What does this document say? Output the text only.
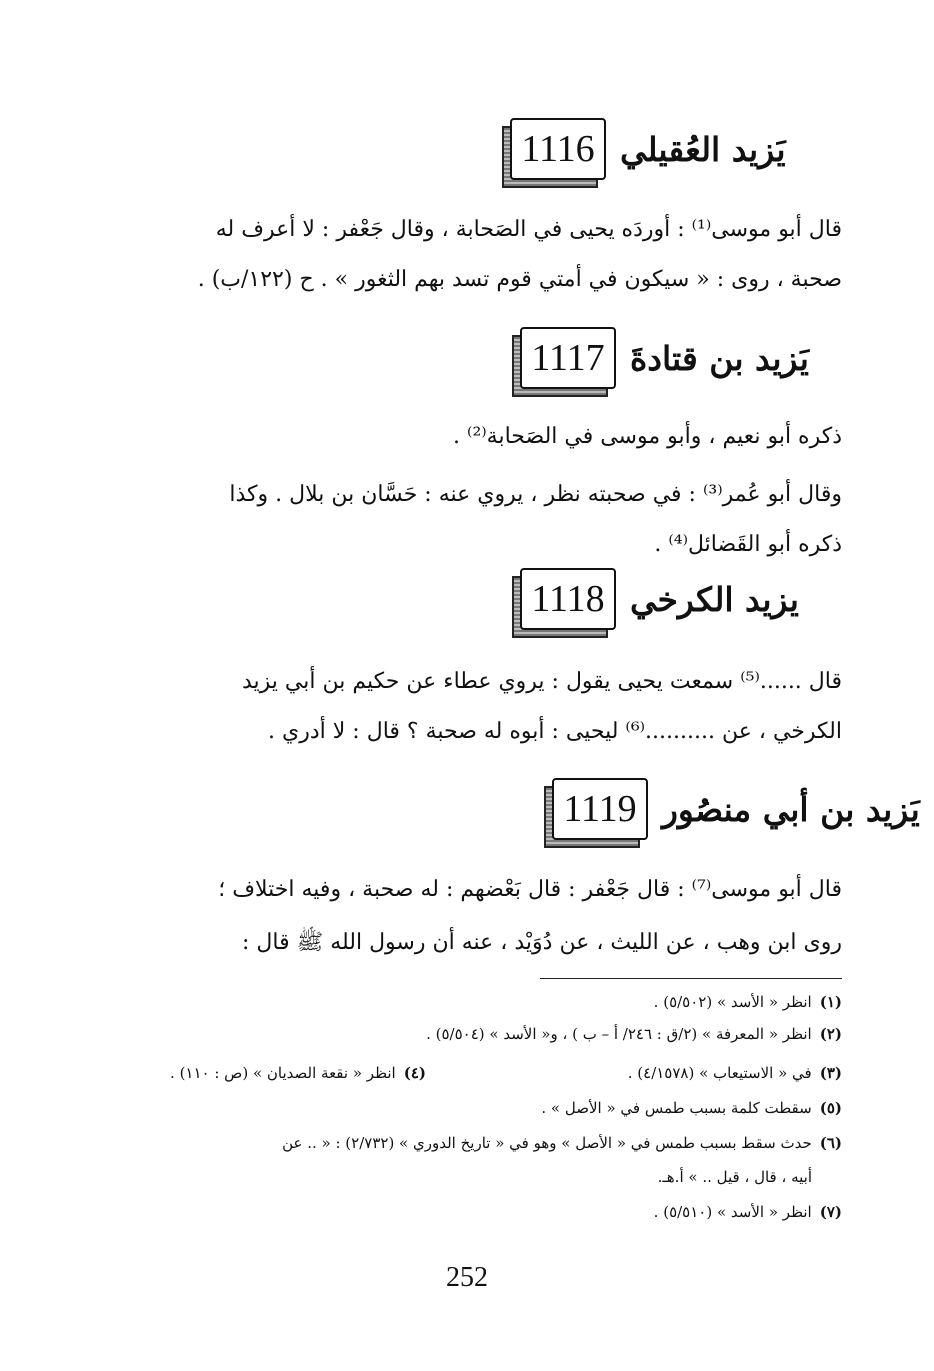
1116 يَزيد العُقيلي
قال أبو موسى⁽¹⁾ : أوردَه يحيى في الصَحابة ، وقال جَعْفر : لا أعرف له
صحبة ، روى : « سيكون في أمتي قوم تسد بهم الثغور » . ح (١٢٢/ب) .
1117 يَزيد بن قتادةَ
ذكره أبو نعيم ، وأبو موسى في الصَحابة⁽²⁾ .
وقال أبو عُمر⁽³⁾ : في صحبته نظر ، يروي عنه : حَسَّان بن بلال . وكذا
ذكره أبو القَضائل⁽⁴⁾ .
1118 يزيد الكرخي
قال ......⁽⁵⁾ سمعت يحيى يقول : يروي عطاء عن حكيم بن أبي يزيد
الكرخي ، عن ..........⁽⁶⁾ ليحيى : أبوه له صحبة ؟ قال : لا أدري .
1119 يَزيد بن أبي منصُور
قال أبو موسى⁽⁷⁾ : قال جَعْفر : قال بَعْضهم : له صحبة ، وفيه اختلاف ؛
روى ابن وهب ، عن الليث ، عن دُوَيْد ، عنه أن رسول الله ﷺ قال :
(١)انظر « الأسد » (٥/٥٠٢) .
(٢)انظر « المعرفة » (٢/ق : ٢٤٦/ أ – ب ) ، و« الأسد » (٥/٥٠٤) .
(٣)في « الاستيعاب » (٤/١٥٧٨) .
(٤)انظر « نقعة الصديان » (ص : ١١٠) .
(٥)سقطت كلمة بسبب طمس في « الأصل » .
(٦)حدث سقط بسبب طمس في « الأصل » وهو في « تاريخ الدوري » (٢/٧٣٢) : « .. عن
أبيه ، قال ، قيل .. » أ.هـ.
(٧)انظر « الأسد » (٥/٥١٠) .
252
